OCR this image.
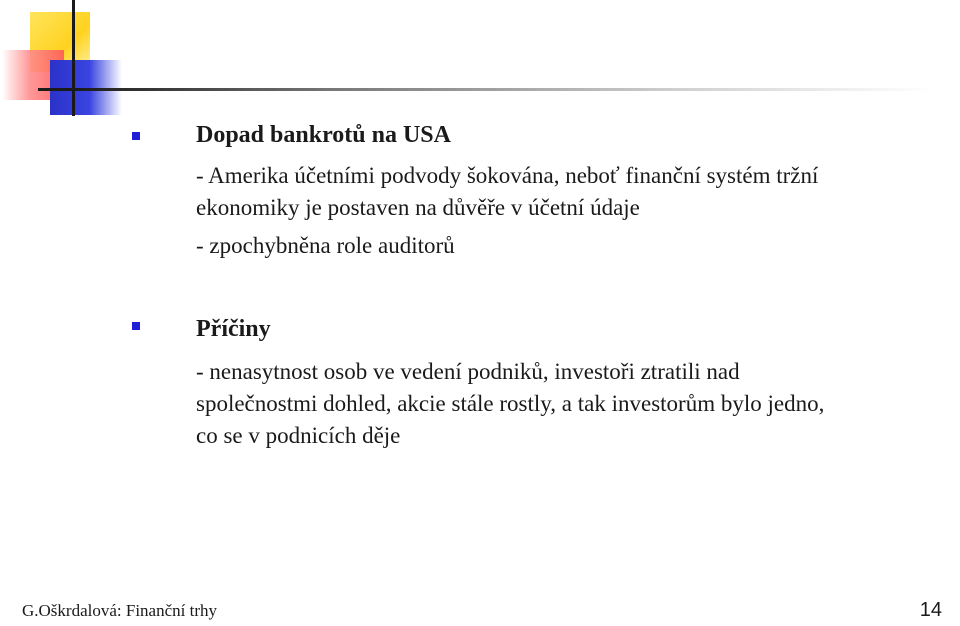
Dopad bankrotů na USA

- Amerika účetními podvody šokována, neboť finanční systém tržní

ekonomiky je postaven na důvěře v účetní údaje

- zpochybněna role auditorů

Příčiny

- nenasytnost osob ve vedení podniků, investoři ztratili nad

společnostmi dohled, akcie stále rostly, a tak investorům bylo jedno,

co se v podnicích děje

G.Oškrdalová: Finanční trhy	14
